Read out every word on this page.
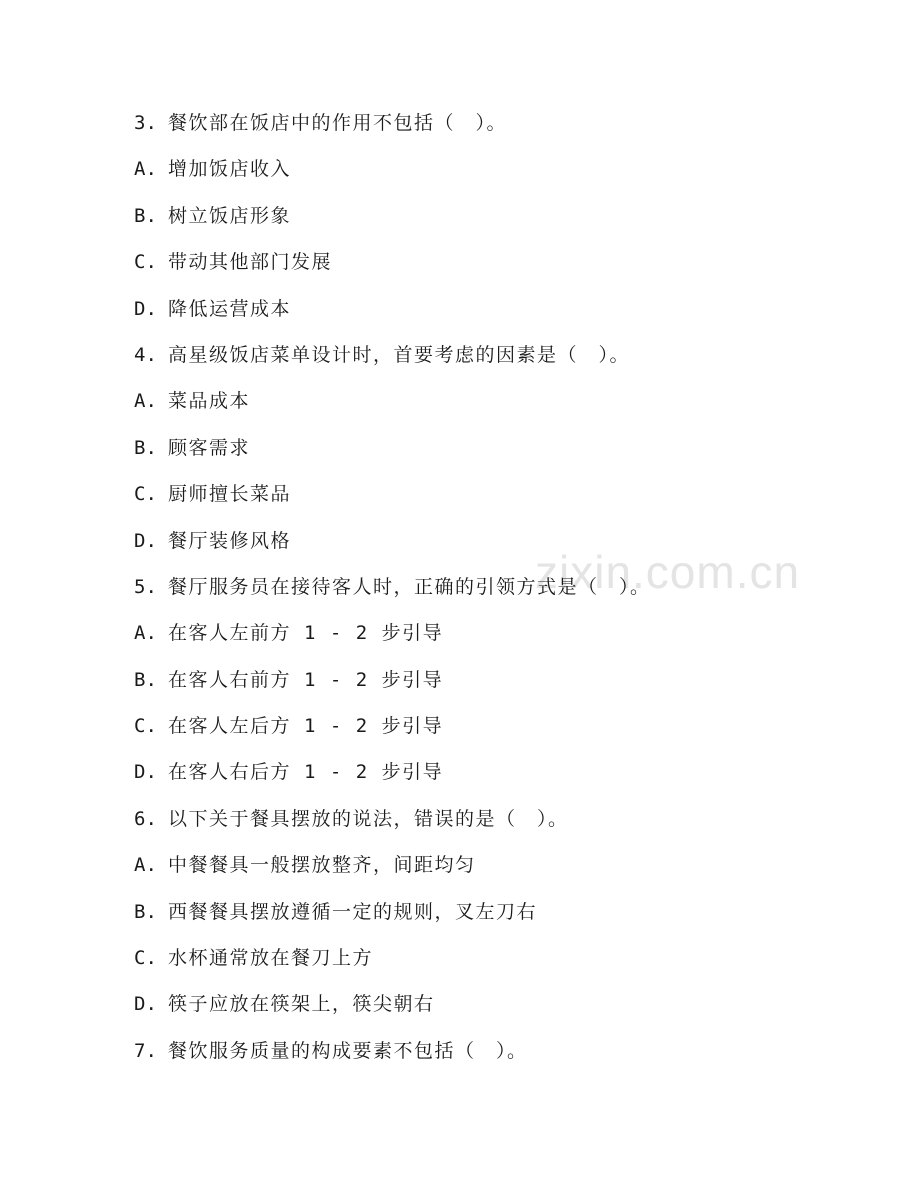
zixin.com.cn
3. 餐饮部在饭店中的作用不包括（　）。
A. 增加饭店收入
B. 树立饭店形象
C. 带动其他部门发展
D. 降低运营成本
4. 高星级饭店菜单设计时，首要考虑的因素是（　）。
A. 菜品成本
B. 顾客需求
C. 厨师擅长菜品
D. 餐厅装修风格
5. 餐厅服务员在接待客人时，正确的引领方式是（　）。
A. 在客人左前方 1 - 2 步引导
B. 在客人右前方 1 - 2 步引导
C. 在客人左后方 1 - 2 步引导
D. 在客人右后方 1 - 2 步引导
6. 以下关于餐具摆放的说法，错误的是（　）。
A. 中餐餐具一般摆放整齐，间距均匀
B. 西餐餐具摆放遵循一定的规则，叉左刀右
C. 水杯通常放在餐刀上方
D. 筷子应放在筷架上，筷尖朝右
7. 餐饮服务质量的构成要素不包括（　）。
